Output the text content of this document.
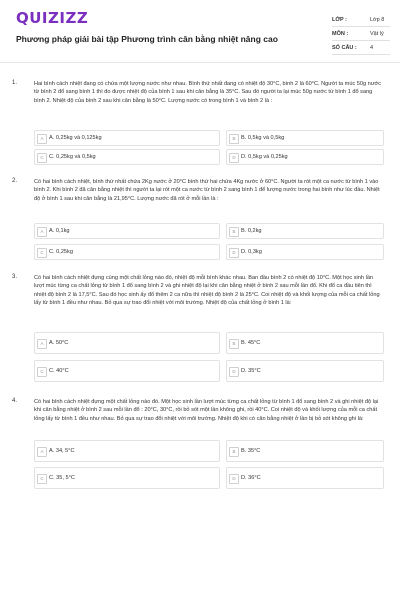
QUIZIZZ
Phương pháp giải bài tập Phương trình cân bằng nhiệt nâng cao
LỚP :	Lớp 8
MÔN :	Vật lý
SỐ CÂU : 4
1.	Hai bình cách nhiệt đang có chứa một lượng nước như nhau. Bình thứ nhất đang có nhiệt độ 30°C, bình 2 là 60°C. Người ta múc 50g nước từ bình 2 đổ sang bình 1 thì đo được nhiệt độ của bình 1 sau khi cân bằng là 35°C. Sau đó người ta lại múc 50g nước từ bình 1 đổ sang bình 2. Nhiệt độ của bình 2 sau khi cân bằng là 50°C. Lượng nước có trong bình 1 và bình 2 là :
A A. 0,25kg và 0,125kg	B B. 0,5kg và 0,5kg
C C. 0,25kg và 0,5kg	D D. 0,5kg và 0,25kg
2.	Có hai bình cách nhiệt, bình thứ nhất chứa 2Kg nước ở 20°C bình thứ hai chứa 4Kg nước ở 60°C. Người ta rót một ca nước từ bình 1 vào bình 2. Khi bình 2 đã cân bằng nhiệt thì người ta lại rót một ca nước từ bình 2 sang bình 1 để lượng nước trong hai bình như lúc đầu. Nhiệt độ ở bình 1 sau khi cân bằng là 21,95°C. Lượng nước đã rót ở mỗi lần là :
A A. 0,1kg	B B. 0,2kg
C C. 0,25kg	D D. 0,3kg
3.	Có hai bình cách nhiệt đựng cùng một chất lỏng nào đó, nhiệt độ mỗi bình khác nhau. Ban đầu bình 2 có nhiệt độ 10°C. Một học sinh lần lượt múc từng ca chất lỏng từ bình 1 đổ sang bình 2 và ghi nhiệt độ lại khi cân bằng nhiệt ở bình 2 sau mỗi lần đổ. Khi đổ ca đầu tiên thì nhiệt độ bình 2 là 17,5°C. Sau đó học sinh ấy đổ thêm 2 ca nữa thì nhiệt độ bình 2 là 25°C. Coi nhiệt độ và khối lượng của mỗi ca chất lỏng lấy từ bình 1 đều như nhau. Bỏ qua sự trao đổi nhiệt với môi trường. Nhiệt độ của chất lỏng ở bình 1 là:
A A. 50°C	B B. 45°C
C C. 40°C	D D. 35°C
4.	Có hai bình cách nhiệt đựng một chất lỏng nào đó. Một học sinh lần lượt múc từng ca chất lỏng từ bình 1 đổ sang bình 2 và ghi nhiệt độ lại khi cân bằng nhiệt ở bình 2 sau mỗi lần đổ : 20°C, 30°C, rồi bỏ sót một lần không ghi, rồi 40°C. Coi nhiệt độ và khối lượng của mỗi ca chất lỏng lấy từ bình 1 đều như nhau. Bỏ qua sự trao đổi nhiệt với môi trường. Nhiệt độ khi có cân bằng nhiệt ở lần bị bỏ sót không ghi là:
A A. 34, 5°C	B B. 35°C
C C. 35, 5°C	D D. 36°C
